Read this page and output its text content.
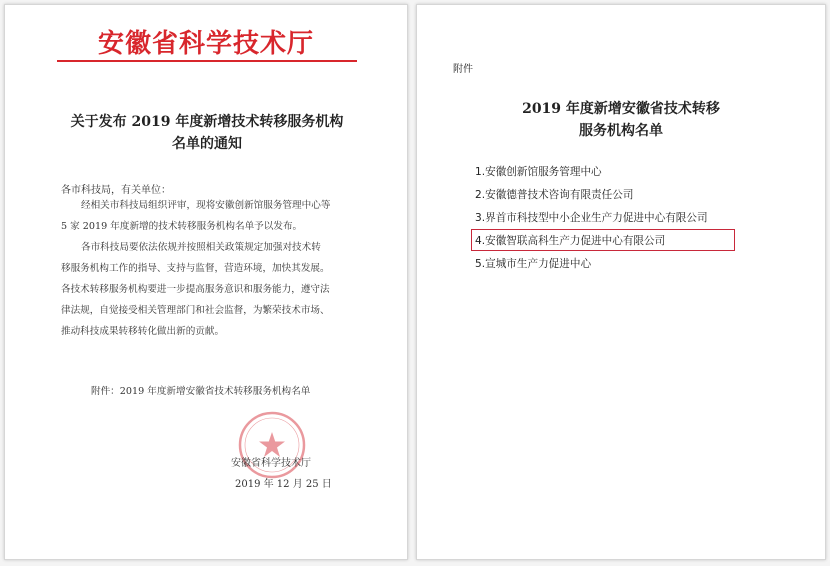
安徽省科学技术厅
关于发布 2019 年度新增技术转移服务机构
名单的通知
各市科技局，有关单位：
经相关市科技局组织评审，现将安徽创新馆服务管理中心等
5 家 2019 年度新增的技术转移服务机构名单予以发布。
各市科技局要依法依规并按照相关政策规定加强对技术转
移服务机构工作的指导、支持与监督，营造环境，加快其发展。
各技术转移服务机构要进一步提高服务意识和服务能力，遵守法
律法规，自觉接受相关管理部门和社会监督，为繁荣技术市场、
推动科技成果转移转化做出新的贡献。
附件：2019 年度新增安徽省技术转移服务机构名单
安徽省科学技术厅
2019 年 12 月 25 日
附件
2019 年度新增安徽省技术转移
服务机构名单
1.安徽创新馆服务管理中心
2.安徽德普技术咨询有限责任公司
3.界首市科技型中小企业生产力促进中心有限公司
4.安徽智联高科生产力促进中心有限公司
5.宣城市生产力促进中心
